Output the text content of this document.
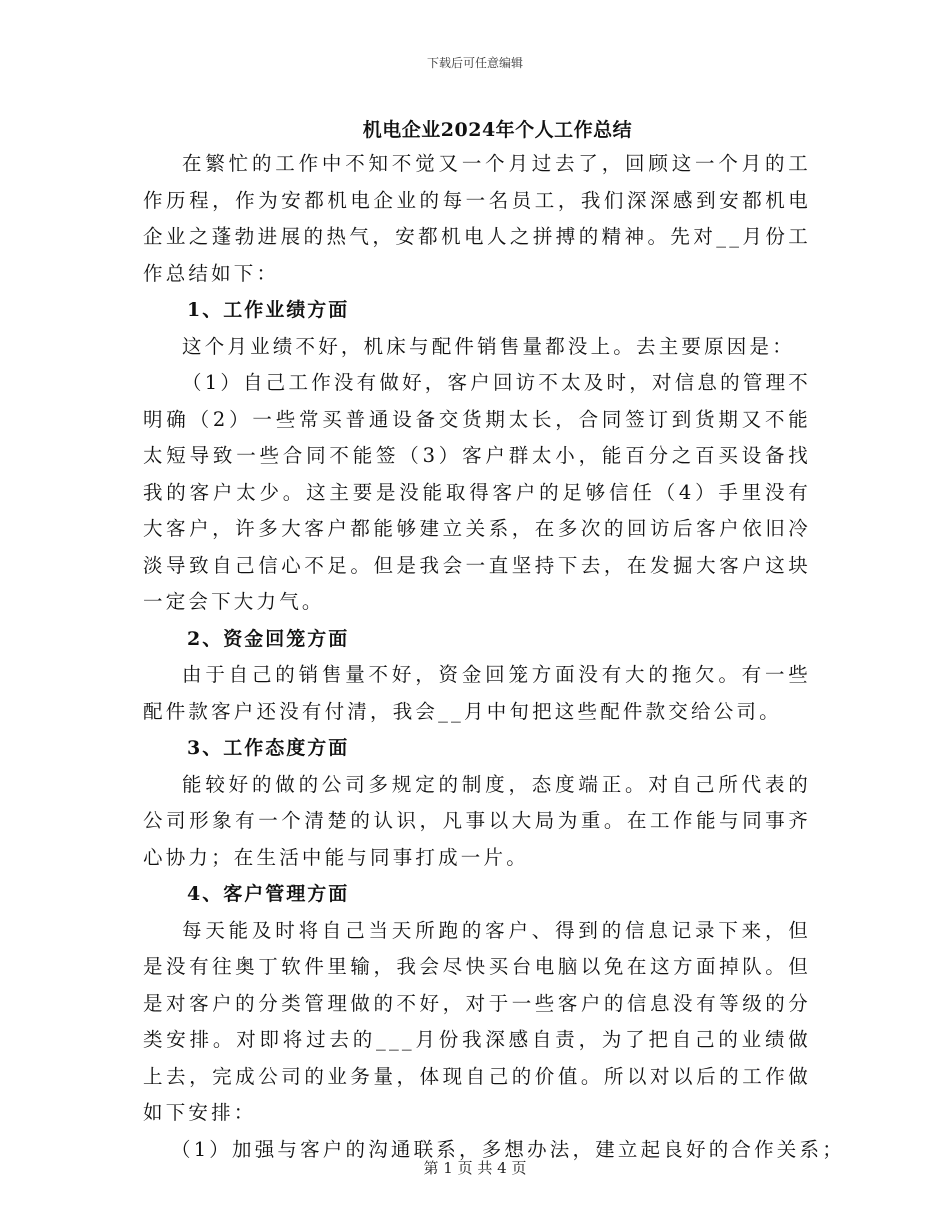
下载后可任意编辑
机电企业2024年个人工作总结

在繁忙的工作中不知不觉又一个月过去了，回顾这一个月的工作历程，作为安都机电企业的每一名员工，我们深深感到安都机电企业之蓬勃进展的热气，安都机电人之拼搏的精神。先对__月份工作总结如下：

1、工作业绩方面

这个月业绩不好，机床与配件销售量都没上。去主要原因是：

（1）自己工作没有做好，客户回访不太及时，对信息的管理不明确（2）一些常买普通设备交货期太长，合同签订到货期又不能太短导致一些合同不能签（3）客户群太小，能百分之百买设备找我的客户太少。这主要是没能取得客户的足够信任（4）手里没有大客户，许多大客户都能够建立关系，在多次的回访后客户依旧冷淡导致自己信心不足。但是我会一直坚持下去，在发掘大客户这块一定会下大力气。

2、资金回笼方面

由于自己的销售量不好，资金回笼方面没有大的拖欠。有一些配件款客户还没有付清，我会__月中旬把这些配件款交给公司。

3、工作态度方面

能较好的做的公司多规定的制度，态度端正。对自己所代表的公司形象有一个清楚的认识，凡事以大局为重。在工作能与同事齐心协力；在生活中能与同事打成一片。

4、客户管理方面

每天能及时将自己当天所跑的客户、得到的信息记录下来，但是没有往奥丁软件里输，我会尽快买台电脑以免在这方面掉队。但是对客户的分类管理做的不好，对于一些客户的信息没有等级的分类安排。对即将过去的___月份我深感自责，为了把自己的业绩做上去，完成公司的业务量，体现自己的价值。所以对以后的工作做如下安排：

（1）加强与客户的沟通联系，多想办法，建立起良好的合作关系；

第 1 页 共 4 页
